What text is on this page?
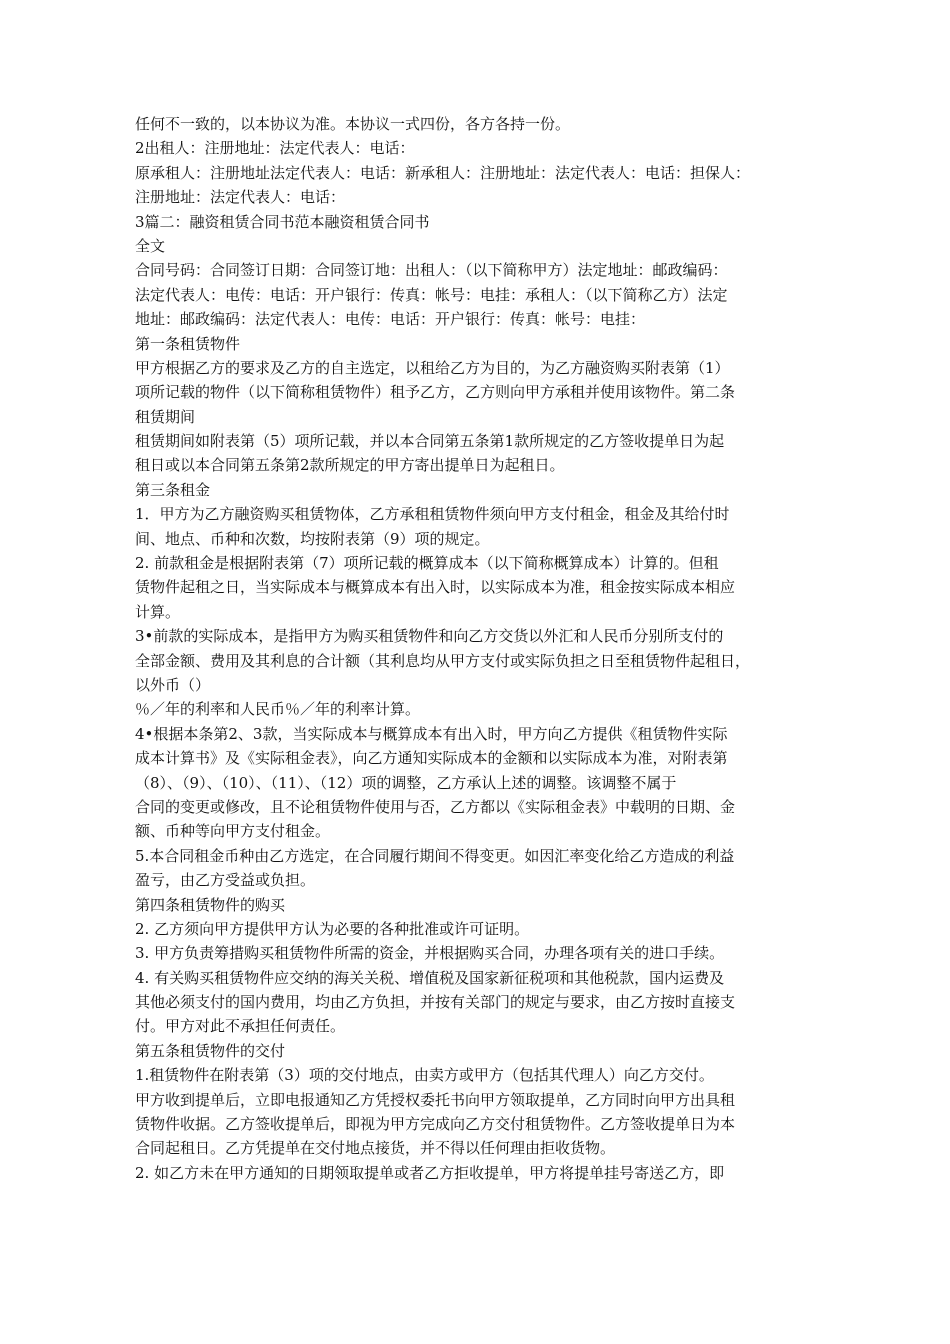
任何不一致的，以本协议为准。本协议一式四份，各方各持一份。
2出租人：注册地址：法定代表人：电话：
原承租人：注册地址法定代表人：电话：新承租人：注册地址：法定代表人：电话：担保人：
注册地址：法定代表人：电话：
3篇二：融资租赁合同书范本融资租赁合同书
全文
合同号码：合同签订日期：合同签订地：出租人：（以下简称甲方）法定地址：邮政编码：
法定代表人：电传：电话：开户银行：传真：帐号：电挂：承租人：（以下简称乙方）法定
地址：邮政编码：法定代表人：电传：电话：开户银行：传真：帐号：电挂：
第一条租赁物件
甲方根据乙方的要求及乙方的自主选定，以租给乙方为目的，为乙方融资购买附表第（1）
项所记载的物件（以下简称租赁物件）租予乙方，乙方则向甲方承租并使用该物件。第二条
租赁期间
租赁期间如附表第（5）项所记载，并以本合同第五条第1款所规定的乙方签收提单日为起
租日或以本合同第五条第2款所规定的甲方寄出提单日为起租日。
第三条租金
1．甲方为乙方融资购买租赁物体，乙方承租租赁物件须向甲方支付租金，租金及其给付时
间、地点、币种和次数，均按附表第（9）项的规定。
2. 前款租金是根据附表第（7）项所记载的概算成本（以下简称概算成本）计算的。但租
赁物件起租之日，当实际成本与概算成本有出入时，以实际成本为准，租金按实际成本相应
计算。
3•前款的实际成本，是指甲方为购买租赁物件和向乙方交货以外汇和人民币分别所支付的
全部金额、费用及其利息的合计额（其利息均从甲方支付或实际负担之日至租赁物件起租日，
以外币（）
％／年的利率和人民币％／年的利率计算。
4•根据本条第2、3款，当实际成本与概算成本有出入时，甲方向乙方提供《租赁物件实际
成本计算书》及《实际租金表》，向乙方通知实际成本的金额和以实际成本为准，对附表第
（8）、（9）、（10）、（11）、（12）项的调整，乙方承认上述的调整。该调整不属于
合同的变更或修改，且不论租赁物件使用与否，乙方都以《实际租金表》中载明的日期、金
额、币种等向甲方支付租金。
5.本合同租金币种由乙方选定，在合同履行期间不得变更。如因汇率变化给乙方造成的利益
盈亏，由乙方受益或负担。
第四条租赁物件的购买
2. 乙方须向甲方提供甲方认为必要的各种批准或许可证明。
3. 甲方负责筹措购买租赁物件所需的资金，并根据购买合同，办理各项有关的进口手续。
4. 有关购买租赁物件应交纳的海关关税、增值税及国家新征税项和其他税款，国内运费及
其他必须支付的国内费用，均由乙方负担，并按有关部门的规定与要求，由乙方按时直接支
付。甲方对此不承担任何责任。
第五条租赁物件的交付
1.租赁物件在附表第（3）项的交付地点，由卖方或甲方（包括其代理人）向乙方交付。
甲方收到提单后，立即电报通知乙方凭授权委托书向甲方领取提单，乙方同时向甲方出具租
赁物件收据。乙方签收提单后，即视为甲方完成向乙方交付租赁物件。乙方签收提单日为本
合同起租日。乙方凭提单在交付地点接货，并不得以任何理由拒收货物。
2. 如乙方未在甲方通知的日期领取提单或者乙方拒收提单，甲方将提单挂号寄送乙方，即
